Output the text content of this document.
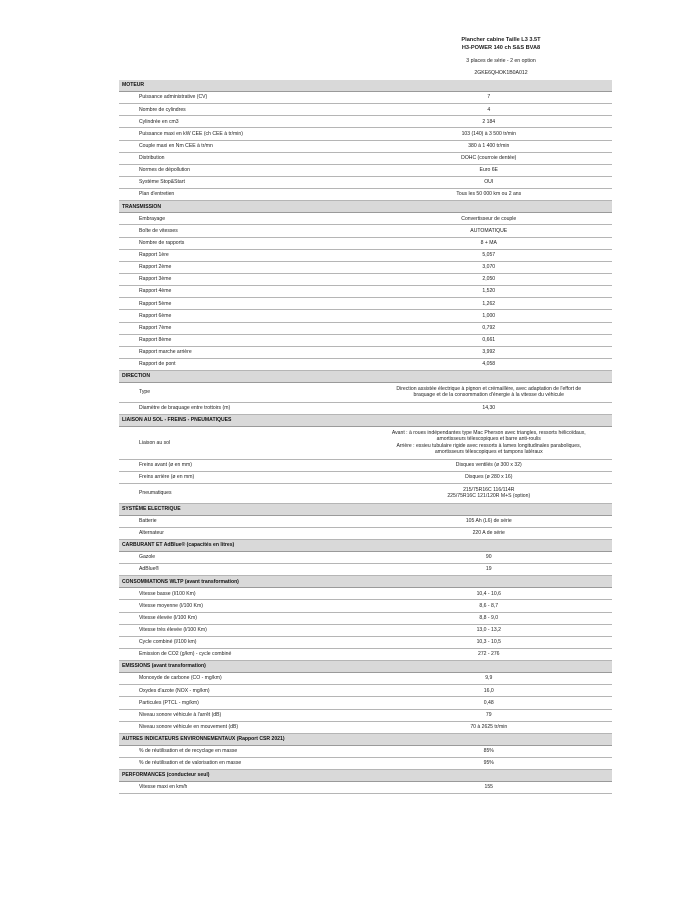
Plancher cabine Taille L3 3.5T
H3-POWER 140 ch S&S BVA8
3 places de série - 2 en option
2GKE6QHOK1B0A012
MOTEUR	
Puissance administrative (CV)	7
Nombre de cylindres	4
Cylindrée en cm3	2 184
Puissance maxi en kW CEE (ch CEE à tr/min)	103 (140) à 3 500 tr/min
Couple maxi en Nm CEE à tr/mn	380 à 1 400 tr/min
Distribution	DOHC (courroie dentée)
Normes de dépollution	Euro 6E
Système Stop&Start	OUI
Plan d'entretien	Tous les 50 000 km ou 2 ans
TRANSMISSION	
Embrayage	Convertisseur de couple
Boîte de vitesses	AUTOMATIQUE
Nombre de rapports	8 + MA
Rapport 1ère	5,057
Rapport 2ème	3,070
Rapport 3ème	2,050
Rapport 4ème	1,520
Rapport 5ème	1,262
Rapport 6ème	1,000
Rapport 7ème	0,792
Rapport 8ème	0,661
Rapport marche arrière	3,992
Rapport de pont	4,058
DIRECTION	
Type	Direction assistée électrique à pignon et crémaillère, avec adaptation de l'effort de
braquage et de la consommation d'énergie à la vitesse du véhicule

Diamètre de braquage entre trottoirs (m)	14,30
LIAISON AU SOL - FREINS - PNEUMATIQUES	
Liaison au sol	Avant : à roues indépendantes type Mac Pherson avec triangles, ressorts hélicoïdaux,
amortisseurs télescopiques et barre anti-roulis
Arrière : essieu tubulaire rigide avec ressorts à lames longitudinales paraboliques,
amortisseurs télescopiques et tampons latéraux

Freins avant (ø en mm)	Disques ventilés (ø 300 x 32)
Freins arrière (ø en mm)	Disques (ø 280 x 16)
Pneumatiques	215/75R16C 116/114R
225/75R16C 121/120R M+S (option)

SYSTÈME ELECTRIQUE	
Batterie	105 Ah (L6) de série
Alternateur	220 A de série
CARBURANT ET AdBlue® (capacités en litres)	
Gazole	90
AdBlue®	19
CONSOMMATIONS WLTP (avant transformation)	
Vitesse basse (l/100 Km)	10,4 - 10,6
Vitesse moyenne (l/100 Km)	8,6 - 8,7
Vitesse élevée (l/100 Km)	8,8 - 9,0
Vitesse très élevée (l/100 Km)	13,0 - 13,2
Cycle combiné (l/100 km)	10,3 - 10,5
Emission de CO2 (g/km) - cycle combiné	272 - 276
EMISSIONS (avant transformation)	
Monoxyde de carbone (CO - mg/km)	9,9
Oxydes d'azote (NOX - mg/km)	16,0
Particules (PTCL - mg/km)	0,48
Niveau sonore véhicule à l'arrêt (dB)	79
Niveau sonore véhicule en mouvement (dB)	70 à 2625 tr/min
AUTRES INDICATEURS ENVIRONNEMENTAUX (Rapport CSR 2021)	
% de réutilisation et de recyclage en masse	85%
% de réutilisation et de valorisation en masse	95%
PERFORMANCES (conducteur seul)	
Vitesse maxi en km/h	155
